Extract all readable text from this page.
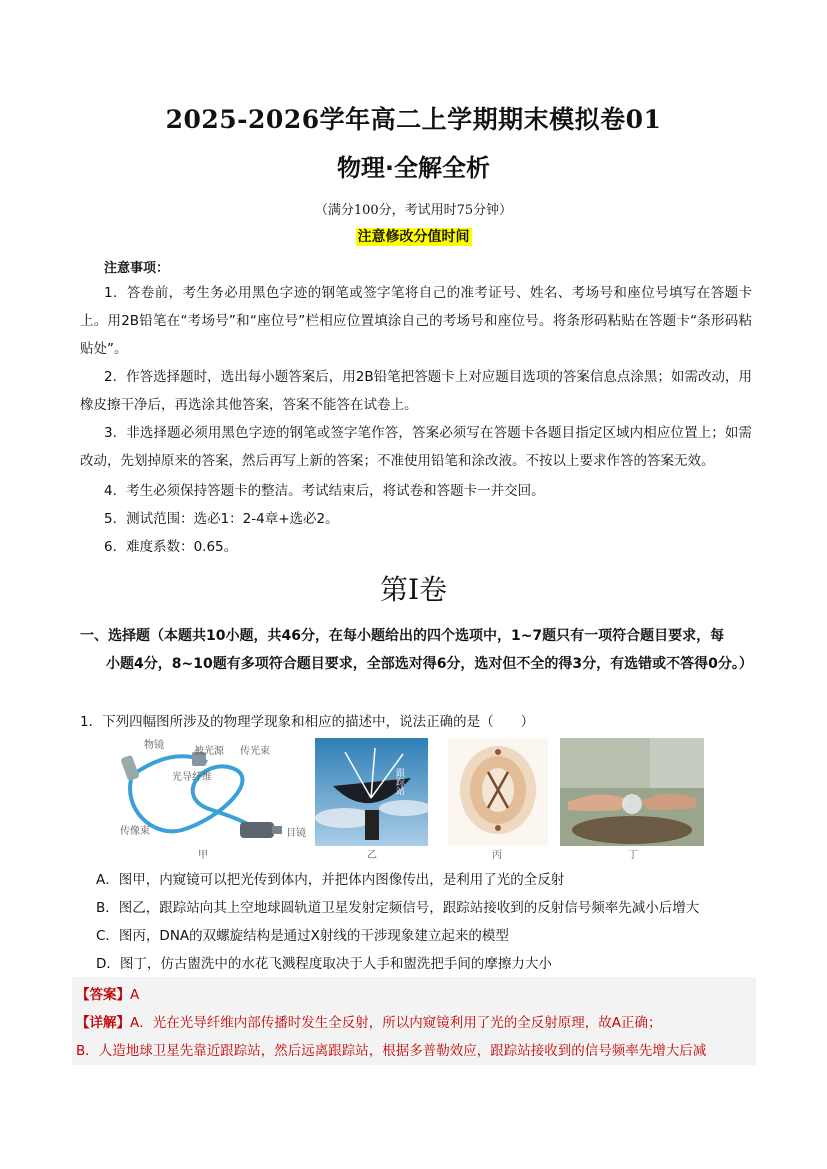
2025-2026学年高二上学期期末模拟卷01
物理·全解全析
（满分100分，考试用时75分钟）
注意修改分值时间
注意事项：
1．答卷前，考生务必用黑色字迹的钢笔或签字笔将自己的准考证号、姓名、考场号和座位号填写在答题卡上。用2B铅笔在“考场号”和“座位号”栏相应位置填涂自己的考场号和座位号。将条形码粘贴在答题卡“条形码粘贴处”。
2．作答选择题时，选出每小题答案后，用2B铅笔把答题卡上对应题目选项的答案信息点涂黑；如需改动，用橡皮擦干净后，再选涂其他答案，答案不能答在试卷上。
3．非选择题必须用黑色字迹的钢笔或签字笔作答，答案必须写在答题卡各题目指定区域内相应位置上；如需改动，先划掉原来的答案，然后再写上新的答案；不准使用铅笔和涂改液。不按以上要求作答的答案无效。
4．考生必须保持答题卡的整洁。考试结束后，将试卷和答题卡一并交回。
5．测试范围：选必1：2-4章+选必2。
6．难度系数：0.65。
第I卷
一、选择题（本题共10小题，共46分，在每小题给出的四个选项中，1~7题只有一项符合题目要求，每
小题4分，8~10题有多项符合题目要求，全部选对得6分，选对但不全的得3分，有选错或不答得0分。）
1．下列四幅图所涉及的物理学现象和相应的描述中，说法正确的是（　　）
物镜
被光源 传光束
光导纤维
传像束	目镜
甲
跟踪站
乙	丙	丁
A．图甲，内窥镜可以把光传到体内，并把体内图像传出，是利用了光的全反射
B．图乙，跟踪站向其上空地球圆轨道卫星发射定频信号，跟踪站接收到的反射信号频率先减小后增大
C．图丙，DNA的双螺旋结构是通过X射线的干涉现象建立起来的模型
D．图丁，仿古盥洗中的水花飞溅程度取决于人手和盥洗把手间的摩擦力大小
【答案】A
【详解】A．光在光导纤维内部传播时发生全反射，所以内窥镜利用了光的全反射原理，故A正确；
B．人造地球卫星先靠近跟踪站，然后远离跟踪站，根据多普勒效应，跟踪站接收到的信号频率先增大后减
